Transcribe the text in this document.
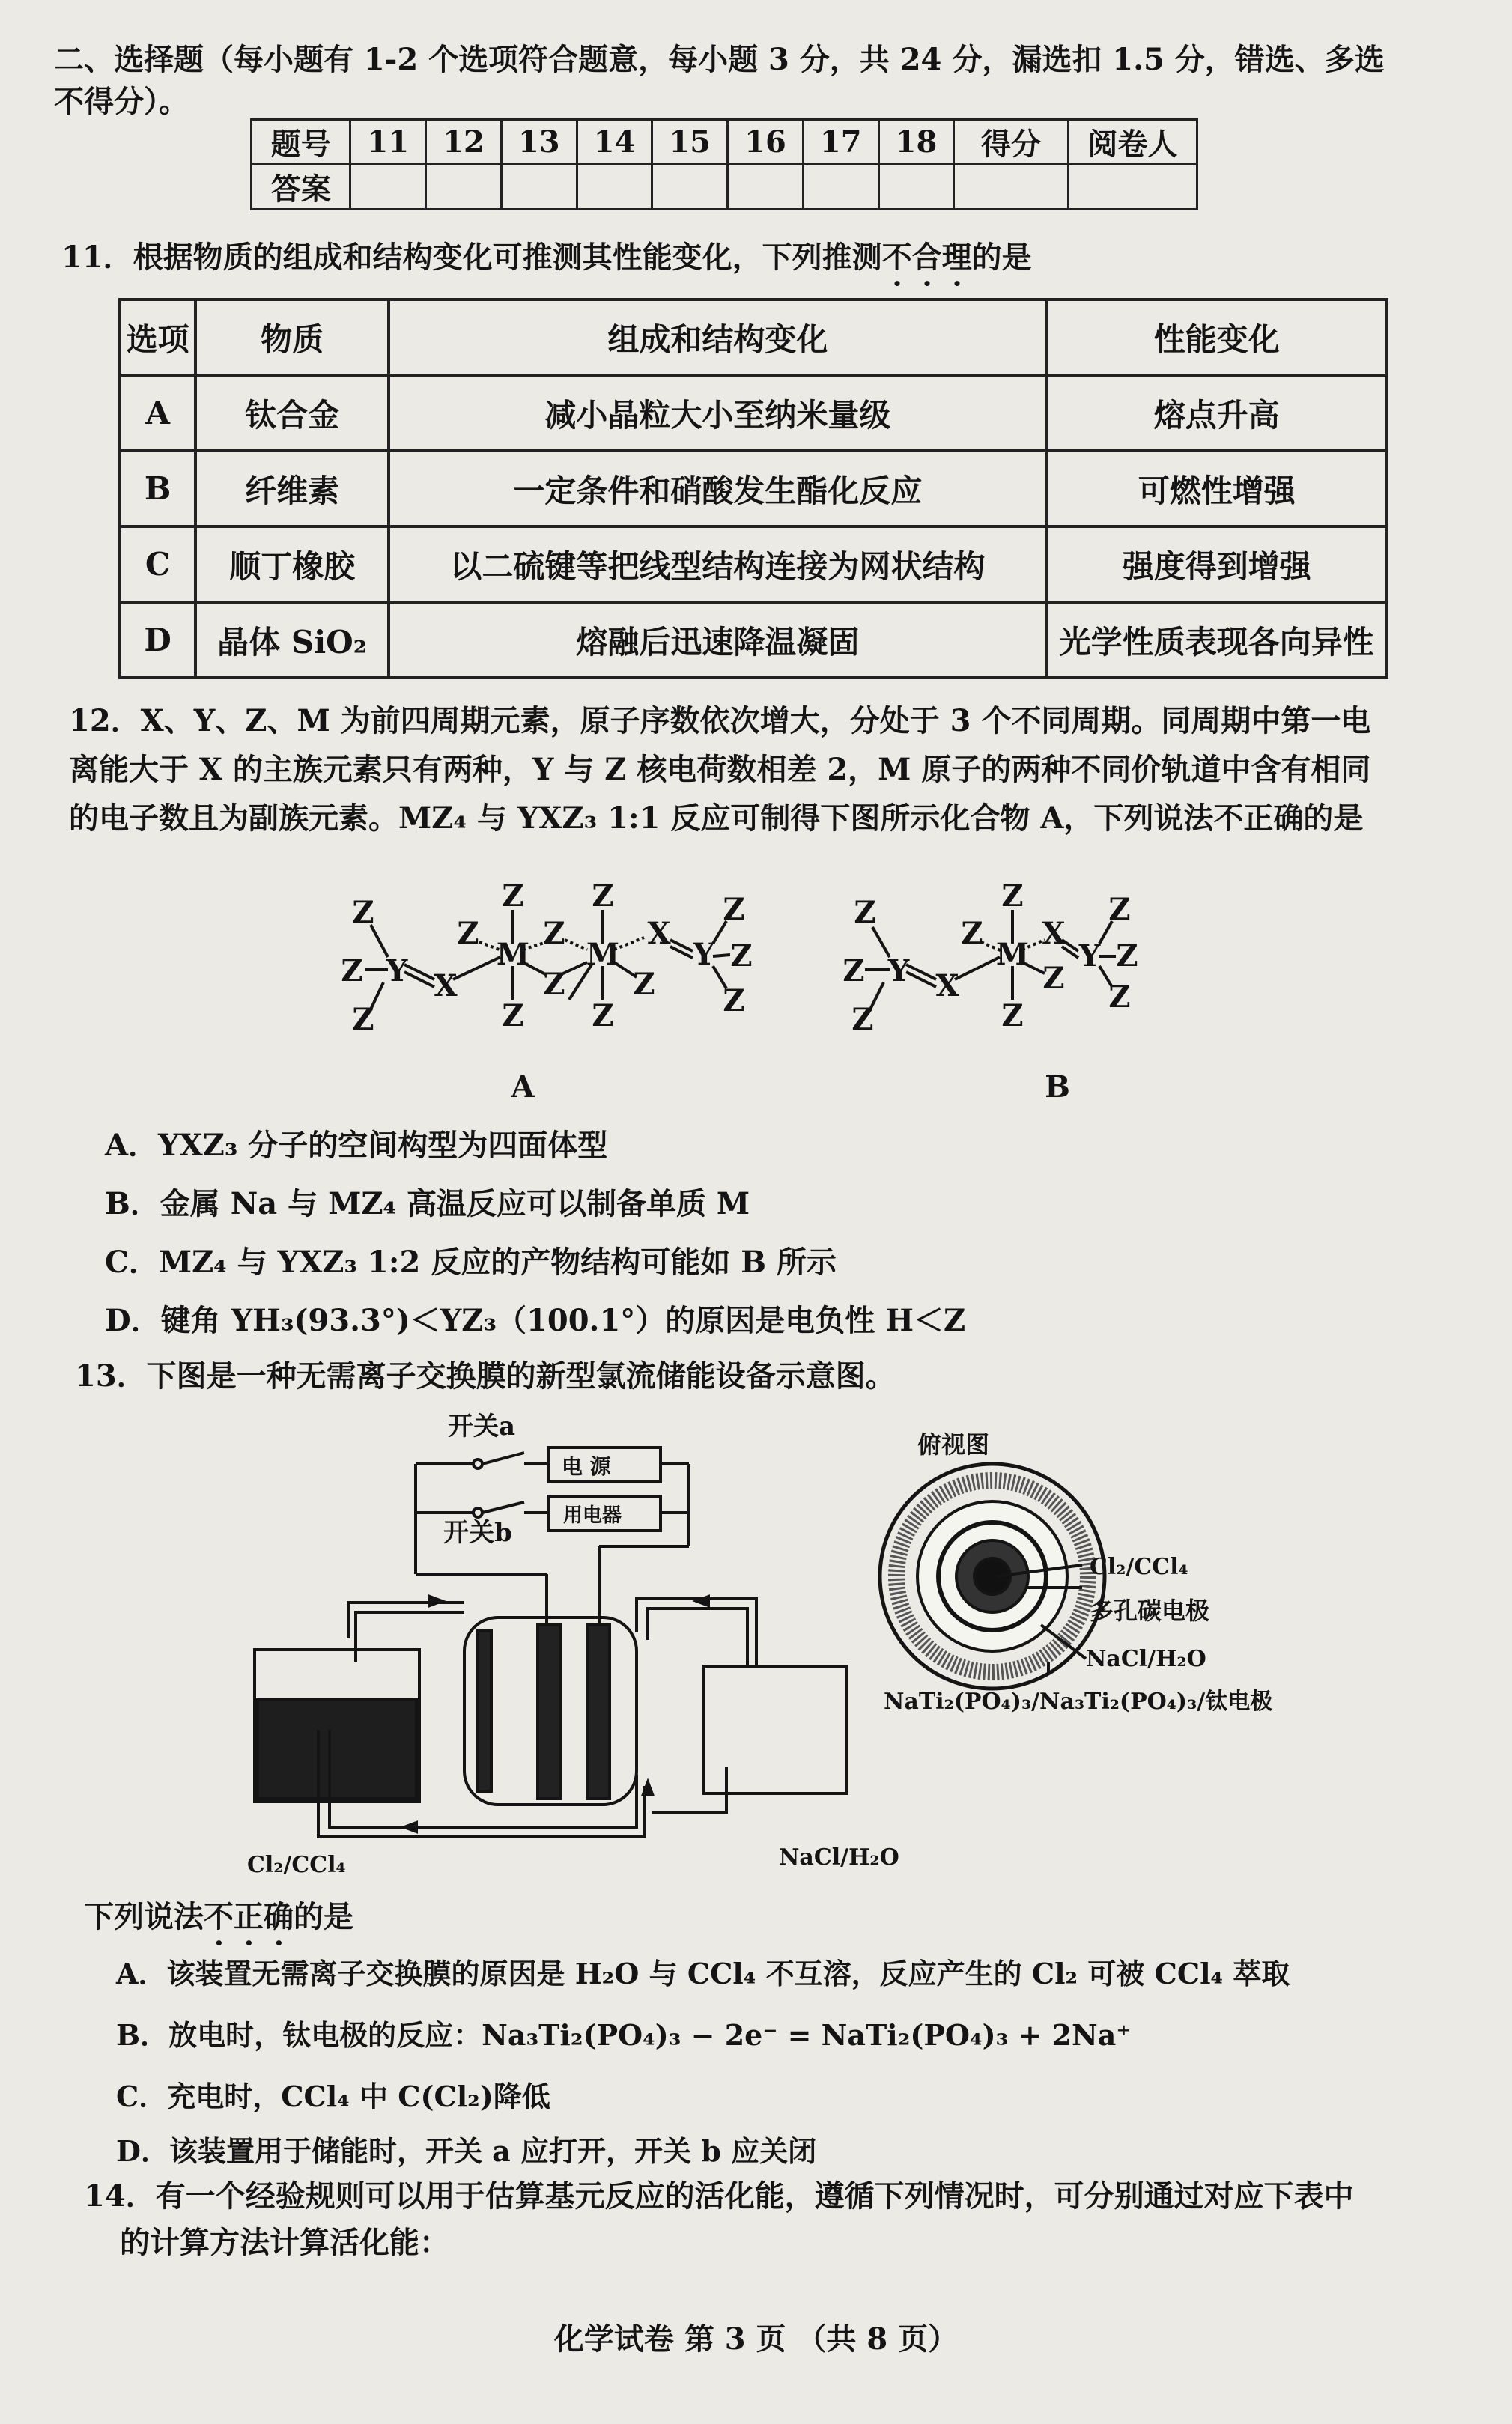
二、选择题（每小题有 1-2 个选项符合题意，每小题 3 分，共 24 分，漏选扣 1.5 分，错选、多选
不得分）。
题号	11	12	13	14	15	16	17	18	得分	阅卷人
答案										
11．根据物质的组成和结构变化可推测其性能变化，下列推测不合理的是
选项	物质	组成和结构变化	性能变化
A	钛合金	减小晶粒大小至纳米量级	熔点升高
B	纤维素	一定条件和硝酸发生酯化反应	可燃性增强
C	顺丁橡胶	以二硫键等把线型结构连接为网状结构	强度得到增强
D	晶体 SiO₂	熔融后迅速降温凝固	光学性质表现各向异性
12．X、Y、Z、M 为前四周期元素，原子序数依次增大，分处于 3 个不同周期。同周期中第一电
离能大于 X 的主族元素只有两种，Y 与 Z 核电荷数相差 2，M 原子的两种不同价轨道中含有相同
的电子数且为副族元素。MZ₄ 与 YXZ₃ 1:1 反应可制得下图所示化合物 A，下列说法不正确的是
Z
Z
Z
Y X
Z
Z
M
Z
Z
Z
Z
M
Z
Z
X
Y
Z
Z
Z
A
Z
Z
Z
Y X
Z
Z
M
Z
X
Z
Y
Z
Z
Z
B
A．YXZ₃ 分子的空间构型为四面体型
B．金属 Na 与 MZ₄ 高温反应可以制备单质 M
C．MZ₄ 与 YXZ₃ 1:2 反应的产物结构可能如 B 所示
D．键角 YH₃(93.3°)＜YZ₃（100.1°）的原因是电负性 H＜Z
13．下图是一种无需离子交换膜的新型氯流储能设备示意图。
开关a
开关b
电 源
用电器
Cl₂/CCl₄	NaCl/H₂O
俯视图
Cl₂/CCl₄
多孔碳电极
NaCl/H₂O
NaTi₂(PO₄)₃/Na₃Ti₂(PO₄)₃/钛电极
下列说法不正确的是
A．该装置无需离子交换膜的原因是 H₂O 与 CCl₄ 不互溶，反应产生的 Cl₂ 可被 CCl₄ 萃取
B．放电时，钛电极的反应：Na₃Ti₂(PO₄)₃ − 2e⁻ = NaTi₂(PO₄)₃ + 2Na⁺
C．充电时，CCl₄ 中 C(Cl₂)降低
D．该装置用于储能时，开关 a 应打开，开关 b 应关闭
14．有一个经验规则可以用于估算基元反应的活化能，遵循下列情况时，可分别通过对应下表中
的计算方法计算活化能：
化学试卷 第 3 页 （共 8 页）
